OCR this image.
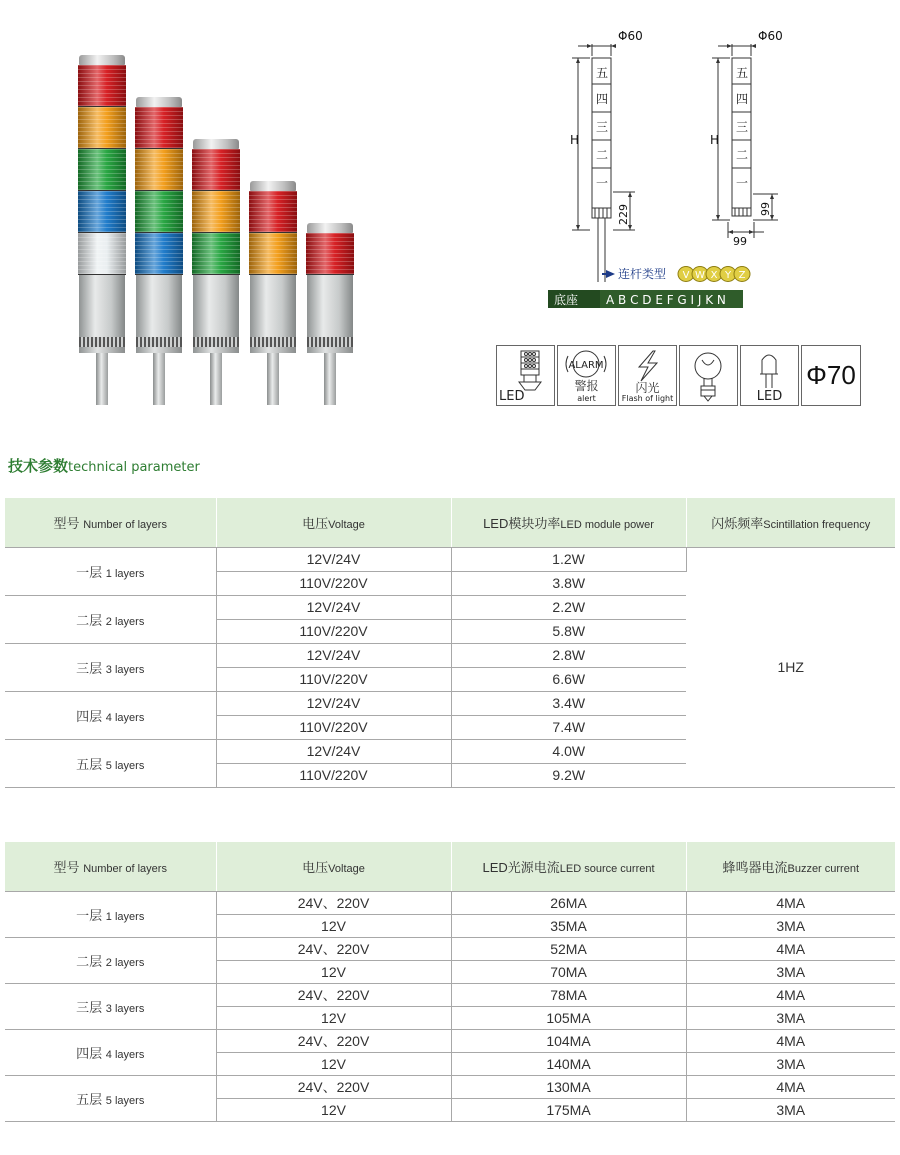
Φ60	Φ60
H	H
五
四
三
二
一
五
四
三
二
一
229	99
99
连杆类型 V W X Y Z
底座 A B C D E F G I J K N
LED
ALARM
警报
alert
闪光
Flash of light	LED
Φ70
技术参数technical parameter
型号 Number of layers	电压Voltage	LED模块功率LED module power	闪烁频率Scintillation frequency
一层 1 layers	12V/24V	1.2W	1HZ
	110V/220V	3.8W	
二层 2 layers	12V/24V	2.2W	
	110V/220V	5.8W	
三层 3 layers	12V/24V	2.8W	
	110V/220V	6.6W	
四层 4 layers	12V/24V	3.4W	
	110V/220V	7.4W	
五层 5 layers	12V/24V	4.0W	
	110V/220V	9.2W	
型号 Number of layers	电压Voltage	LED光源电流LED source current	蜂鸣器电流Buzzer current
一层 1 layers	24V、220V	26MA	4MA
	12V	35MA	3MA
二层 2 layers	24V、220V	52MA	4MA
	12V	70MA	3MA
三层 3 layers	24V、220V	78MA	4MA
	12V	105MA	3MA
四层 4 layers	24V、220V	104MA	4MA
	12V	140MA	3MA
五层 5 layers	24V、220V	130MA	4MA
	12V	175MA	3MA
